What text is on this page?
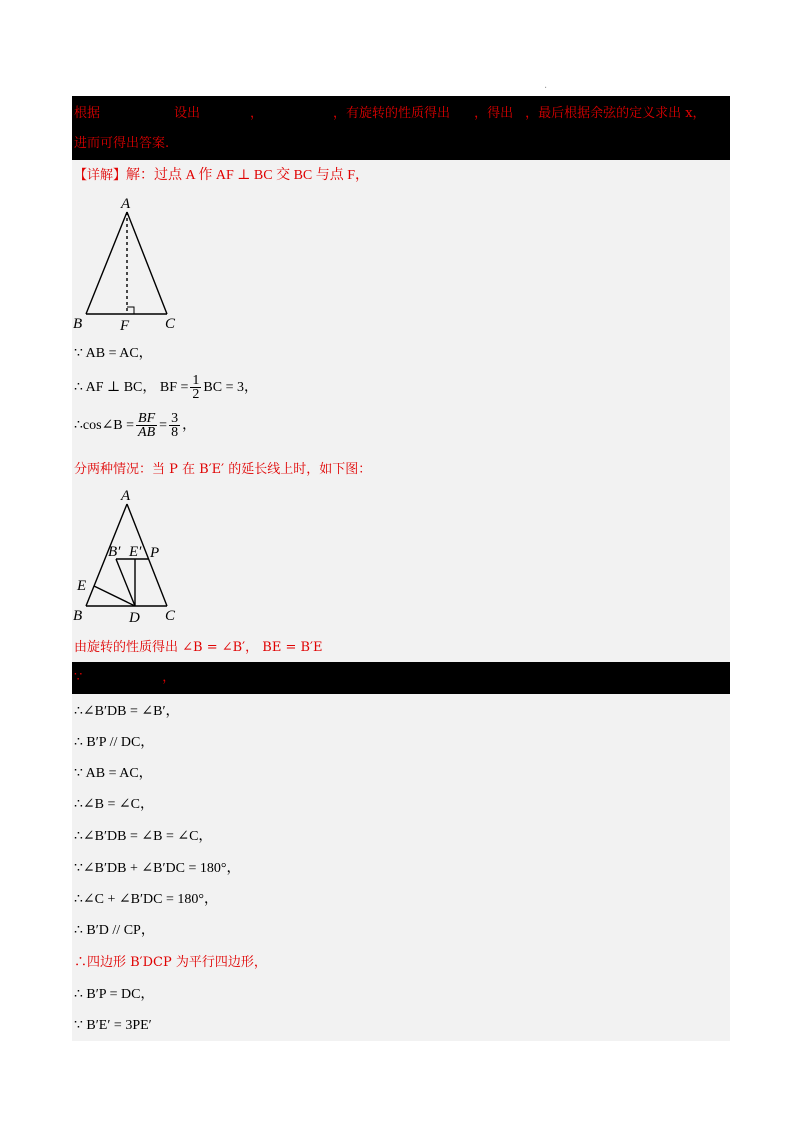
.
根据	设出	，	，有旋转的性质得出 ，得出 ，最后根据余弦的定义求出 x，
进而可得出答案.
【详解】解：过点 A 作 AF ⊥ BC 交 BC 与点 F，
A
B	F C
∵ AB = AC，
∴ AF ⊥ BC， BF = $\frac{1}{2}$ BC = 3，
∴cos∠B = $\frac{BF}{AB} = \frac{3}{8}$ ，
分两种情况：当 P 在 B′E′ 的延长线上时，如下图：
A
B′ E′ P
E
B	D C
由旋转的性质得出 ∠B = ∠B′， BE = B′E
∵	，
∴∠B′DB = ∠B′，
∴ B′P // DC，
∵ AB = AC，
∴∠B = ∠C，
∴∠B′DB = ∠B = ∠C，
∵∠B′DB + ∠B′DC = 180°，
∴∠C + ∠B′DC = 180°，
∴ B′D // CP，
∴四边形 B′DCP 为平行四边形，
∴ B′P = DC，
∵ B′E′ = 3PE′
